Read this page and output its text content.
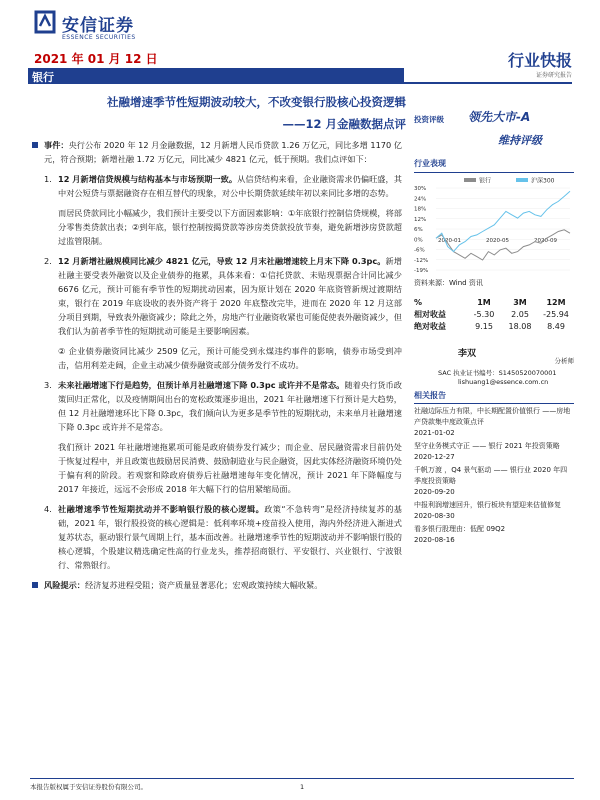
安信证券
ESSENCE SECURITIES
2021 年 01 月 12 日	行业快报
证券研究报告
银行
社融增速季节性短期波动较大，不改变银行股核心投资逻辑
——12 月金融数据点评

事件：央行公布 2020 年 12 月金融数据，12 月新增人民币贷款 1.26 万亿元，同比多增 1170 亿元，符合预期；新增社融 1.72 万亿元，同比减少 4821 亿元，低于预期。我们点评如下：

1. 12 月新增信贷规模与结构基本与市场预期一致。从信贷结构来看，企业融资需求仍偏旺盛，其中对公短贷与票据融资存在相互替代的现象，对公中长期贷款延续年初以来同比多增的态势。

而居民贷款同比小幅减少，我们预计主要受以下方面因素影响：①年底银行控制信贷规模，将部分零售类贷款出表；②到年底，银行控制按揭贷款等涉房类贷款投放节奏，避免新增涉房贷款超过监管限制。

2. 12 月新增社融规模同比减少 4821 亿元，导致 12 月末社融增速较上月末下降 0.3pc。新增社融主要受表外融资以及企业债券的拖累，具体来看：①信托贷款、未贴现票据合计同比减少 6676 亿元，预计可能有季节性的短期扰动因素，因为原计划在 2020 年底资管新规过渡期结束，银行在 2019 年底设收的表外资产将于 2020 年底整改完毕，进而在 2020 年 12 月这部分项目到期，导致表外融资减少；除此之外，房地产行业融资收紧也可能促使表外融资减少，但我们认为前者季节性的短期扰动可能是主要影响因素。

② 企业债券融资同比减少 2509 亿元，预计可能受到永煤违约事件的影响，债券市场受到冲击，信用利差走阔，企业主动减少债券融资或部分债务发行不成功。

3. 未来社融增速下行是趋势，但预计单月社融增速下降 0.3pc 或许并不是常态。随着央行货币政策回归正常化，以及疫情期间出台的宽松政策逐步退出，2021 年社融增速下行预计是大趋势，但 12 月社融增速环比下降 0.3pc，我们倾向认为更多是季节性的短期扰动，未来单月社融增速下降 0.3pc 或许并不是常态。

我们预计 2021 年社融增速拖累项可能是政府债券发行减少；而企业、居民融资需求目前仍处于恢复过程中，并且政策也鼓励居民消费、鼓励制造业与民企融资，因此实体经济融资环境仍处于偏有利的阶段。若观察和除政府债券后社融增速每年变化情况，预计 2021 年下降幅度与 2017 年接近，远远不会形成 2018 年大幅下行的信用紧缩局面。

4. 社融增速季节性短期扰动并不影响银行股的核心逻辑。政策“不急转弯”是经济持续复苏的基础，2021 年，银行股投资的核心逻辑是：低利率环境+疫苗投入使用，海内外经济进入渐进式复苏状态，驱动银行景气周期上行，基本面改善。社融增速季节性的短期波动并不影响银行股的核心逻辑，个股建议精选确定性高的行业龙头，推荐招商银行、平安银行、兴业银行、宁波银行、常熟银行。

风险提示：经济复苏进程受阻；资产质量显著恶化；宏观政策持续大幅收紧。

投资评级 领先大市-A
维持评级
行业表现
30%
24%
18%
12%
6%
0%
-6%
-12%
-19%
2020-01	2020-05	2020-09
银行	沪深300
资料来源：Wind 资讯
%	1M	3M	12M
相对收益	-5.30	2.05	-25.94
绝对收益	9.15	18.08	8.49
李双
分析师
SAC 执业证书编号：S1450520070001
lishuang1@essence.com.cn
相关报告
社融边际压力有限，中长期配置价值银行 ——房地产贷款集中度政策点评
2021-01-02
坚守业务模式守正 —— 银行 2021 年投资策略
2020-12-27
千帆万渡 ，Q4 景气驱动 —— 银行业 2020 年四季度投资策略
2020-09-20
中报利润增速回升，银行板块有望迎来估值修复
2020-08-30
看多银行股理由：低配 09Q2
2020-08-16
本报告版权属于安信证券股份有限公司。	1
